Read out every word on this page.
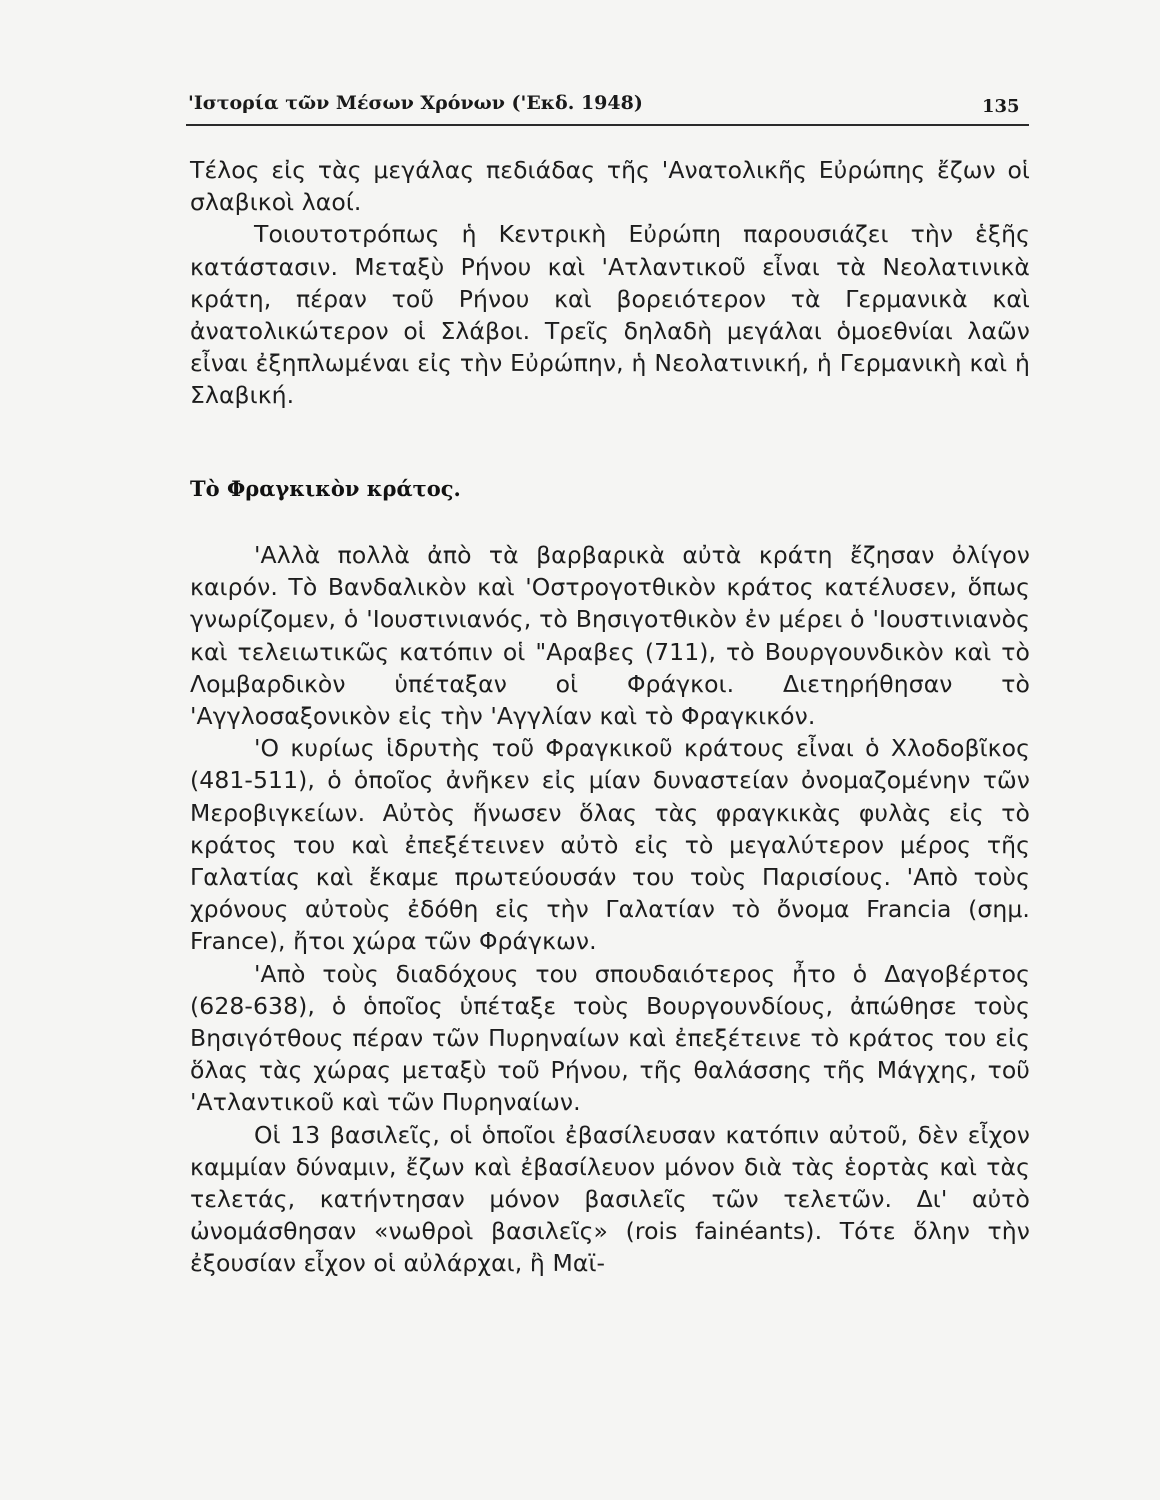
'Ιστορία τῶν Μέσων Χρόνων ('Εκδ. 1948)	135

Τέλος εἰς τὰς μεγάλας πεδιάδας τῆς 'Ανατολικῆς Εὐρώπης ἔζων οἱ σλαβικοὶ λαοί.

Τοιουτοτρόπως ἡ Κεντρικὴ Εὐρώπη παρουσιάζει τὴν ἑξῆς κατάστασιν. Μεταξὺ Ρήνου καὶ 'Ατλαντικοῦ εἶναι τὰ Νεολατινικὰ κράτη, πέραν τοῦ Ρήνου καὶ βορειότερον τὰ Γερμανικὰ καὶ ἀνατολικώτερον οἱ Σλάβοι. Τρεῖς δηλαδὴ μεγάλαι ὁμοεθνίαι λαῶν εἶναι ἐξηπλωμέναι εἰς τὴν Εὐρώπην, ἡ Νεολατινική, ἡ Γερμανικὴ καὶ ἡ Σλαβική.

Τὸ Φραγκικὸν κράτος.

'Αλλὰ πολλὰ ἀπὸ τὰ βαρβαρικὰ αὐτὰ κράτη ἔζησαν ὀλίγον καιρόν. Τὸ Βανδαλικὸν καὶ 'Οστρογοτθικὸν κράτος κατέλυσεν, ὅπως γνωρίζομεν, ὁ 'Ιουστινιανός, τὸ Βησιγοτθικὸν ἐν μέρει ὁ 'Ιουστινιανὸς καὶ τελειωτικῶς κατόπιν οἱ "Αραβες (711), τὸ Βουργουνδικὸν καὶ τὸ Λομβαρδικὸν ὑπέταξαν οἱ Φράγκοι. Διετηρήθησαν τὸ 'Αγγλοσαξονικὸν εἰς τὴν 'Αγγλίαν καὶ τὸ Φραγκικόν.

'Ο κυρίως ἱδρυτὴς τοῦ Φραγκικοῦ κράτους εἶναι ὁ Χλοδοβῖκος (481-511), ὁ ὁποῖος ἀνῆκεν εἰς μίαν δυναστείαν ὀνομαζομένην τῶν Μεροβιγκείων. Αὐτὸς ἥνωσεν ὅλας τὰς φραγκικὰς φυλὰς εἰς τὸ κράτος του καὶ ἐπεξέτεινεν αὐτὸ εἰς τὸ μεγαλύτερον μέρος τῆς Γαλατίας καὶ ἔκαμε πρωτεύουσάν του τοὺς Παρισίους. 'Απὸ τοὺς χρόνους αὐτοὺς ἐδόθη εἰς τὴν Γαλατίαν τὸ ὄνομα Francia (σημ. France), ἤτοι χώρα τῶν Φράγκων.

'Απὸ τοὺς διαδόχους του σπουδαιότερος ἦτο ὁ Δαγοβέρτος (628-638), ὁ ὁποῖος ὑπέταξε τοὺς Βουργουνδίους, ἀπώθησε τοὺς Βησιγότθους πέραν τῶν Πυρηναίων καὶ ἐπεξέτεινε τὸ κράτος του εἰς ὅλας τὰς χώρας μεταξὺ τοῦ Ρήνου, τῆς θαλάσσης τῆς Μάγχης, τοῦ 'Ατλαντικοῦ καὶ τῶν Πυρηναίων.

Οἱ 13 βασιλεῖς, οἱ ὁποῖοι ἐβασίλευσαν κατόπιν αὐτοῦ, δὲν εἶχον καμμίαν δύναμιν, ἔζων καὶ ἐβασίλευον μόνον διὰ τὰς ἑορτὰς καὶ τὰς τελετάς, κατήντησαν μόνον βασιλεῖς τῶν τελετῶν. Δι' αὐτὸ ὠνομάσθησαν «νωθροὶ βασιλεῖς» (rois fainéants). Τότε ὅλην τὴν ἐξουσίαν εἶχον οἱ αὐλάρχαι, ἢ Μαϊ-
